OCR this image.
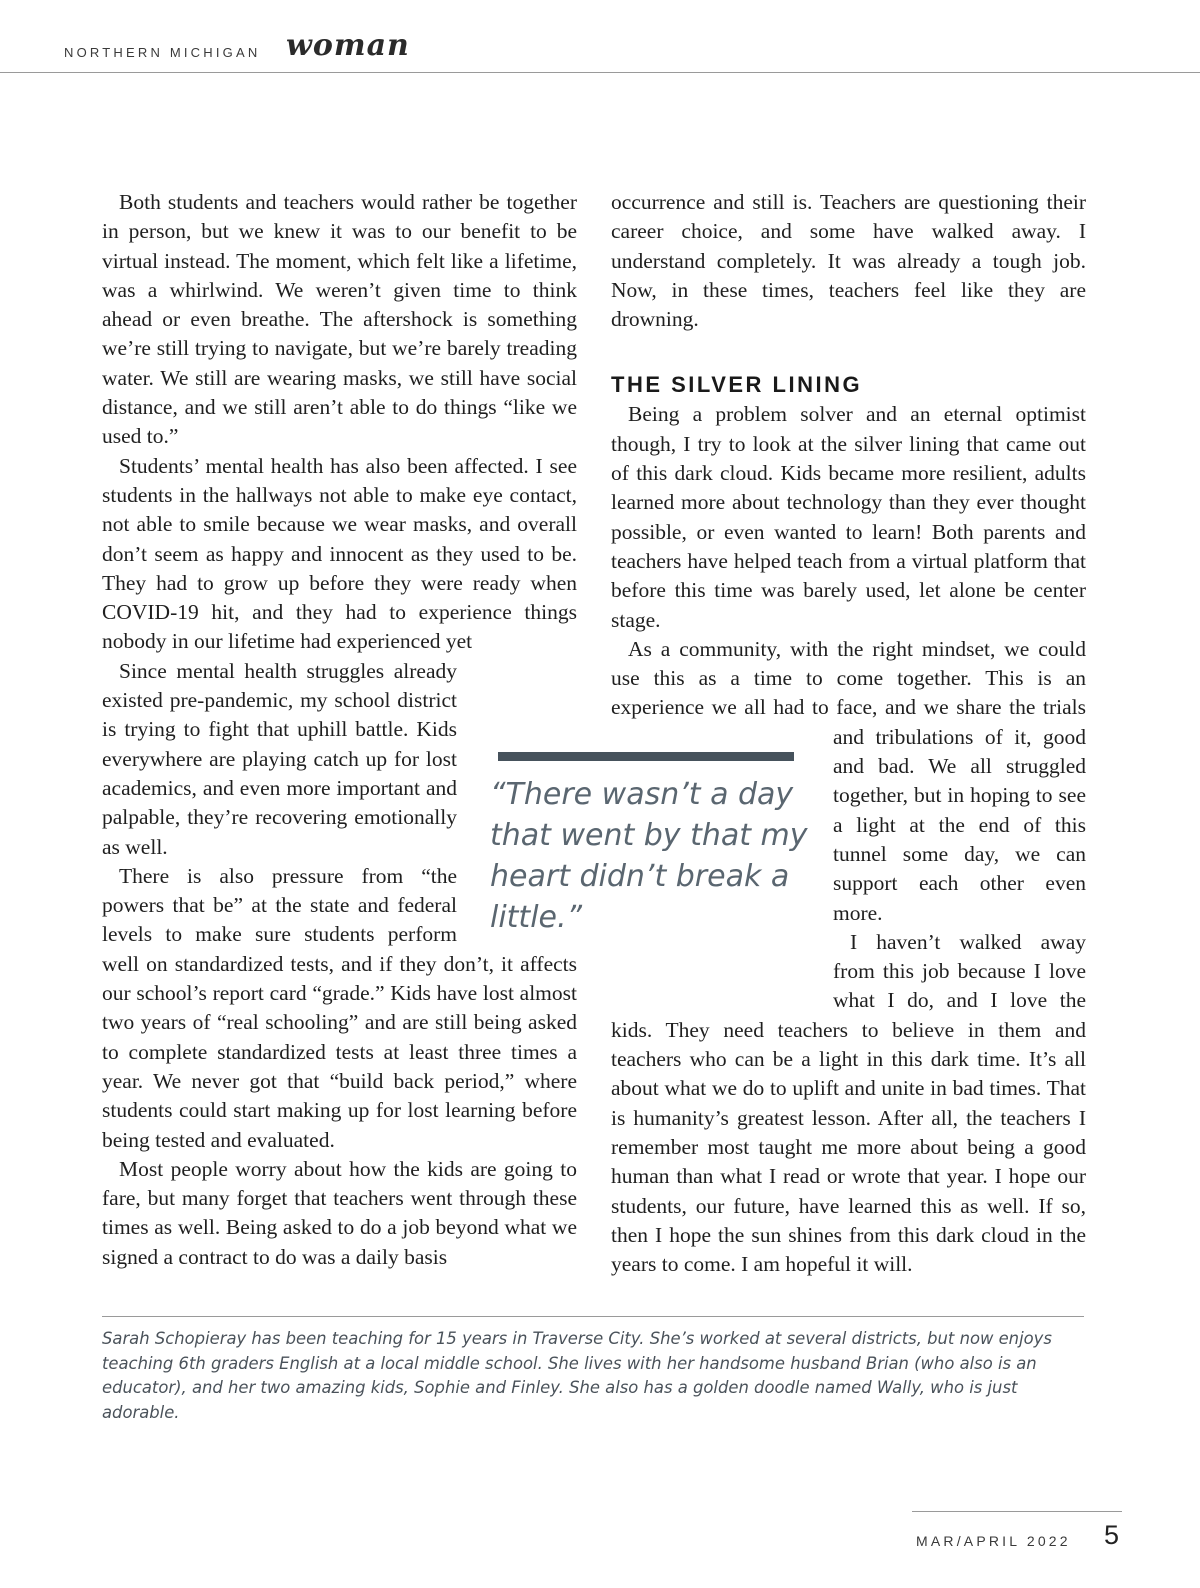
NORTHERN MICHIGAN woman

Both students and teachers would rather be together in person, but we knew it was to our benefit to be virtual instead. The moment, which felt like a lifetime, was a whirlwind. We weren’t given time to think ahead or even breathe. The aftershock is something we’re still trying to navigate, but we’re barely treading water. We still are wearing masks, we still have social distance, and we still aren’t able to do things “like we used to.”

Students’ mental health has also been affected. I see students in the hallways not able to make eye contact, not able to smile because we wear masks, and overall don’t seem as happy and innocent as they used to be. They had to grow up before they were ready when COVID-19 hit, and they had to experience things nobody in our lifetime had experienced yet

Since mental health struggles already existed pre-pandemic, my school district is trying to fight that uphill battle. Kids everywhere are playing catch up for lost academics, and even more important and palpable, they’re recovering emotionally as well.

There is also pressure from “the powers that be” at the state and federal levels to make sure students perform well on standardized tests, and if they don’t, it affects our school’s report card “grade.” Kids have lost almost two years of “real schooling” and are still being asked to complete standardized tests at least three times a year. We never got that “build back period,” where students could start making up for lost learning before being tested and evaluated.

Most people worry about how the kids are going to fare, but many forget that teachers went through these times as well. Being asked to do a job beyond what we signed a contract to do was a daily basis

occurrence and still is. Teachers are questioning their career choice, and some have walked away. I understand completely. It was already a tough job. Now, in these times, teachers feel like they are drowning.

THE SILVER LINING

Being a problem solver and an eternal optimist though, I try to look at the silver lining that came out of this dark cloud. Kids became more resilient, adults learned more about technology than they ever thought possible, or even wanted to learn! Both parents and teachers have helped teach from a virtual platform that before this time was barely used, let alone be center stage.

As a community, with the right mindset, we could use this as a time to come together. This is an experience we all had to face, and we share the trials
and tribulations of it, good and bad. We all struggled together, but in hoping to see a light at the end of this tunnel some day, we can support each other even more.

I haven’t walked away from this job because I love what I do, and I love the kids. They need teachers to believe in them and teachers who can be a light in this dark time. It’s all about what we do to uplift and unite in bad times. That is humanity’s greatest lesson. After all, the teachers I remember most taught me more about being a good human than what I read or wrote that year. I hope our students, our future, have learned this as well. If so, then I hope the sun shines from this dark cloud in the years to come. I am hopeful it will.

“There wasn’t a day that went by that my heart didn’t break a little.”
Sarah Schopieray has been teaching for 15 years in Traverse City. She’s worked at several districts, but now enjoys teaching 6th graders English at a local middle school. She lives with her handsome husband Brian (who also is an educator), and her two amazing kids, Sophie and Finley. She also has a golden doodle named Wally, who is just adorable.
MAR/APRIL 2022 5
